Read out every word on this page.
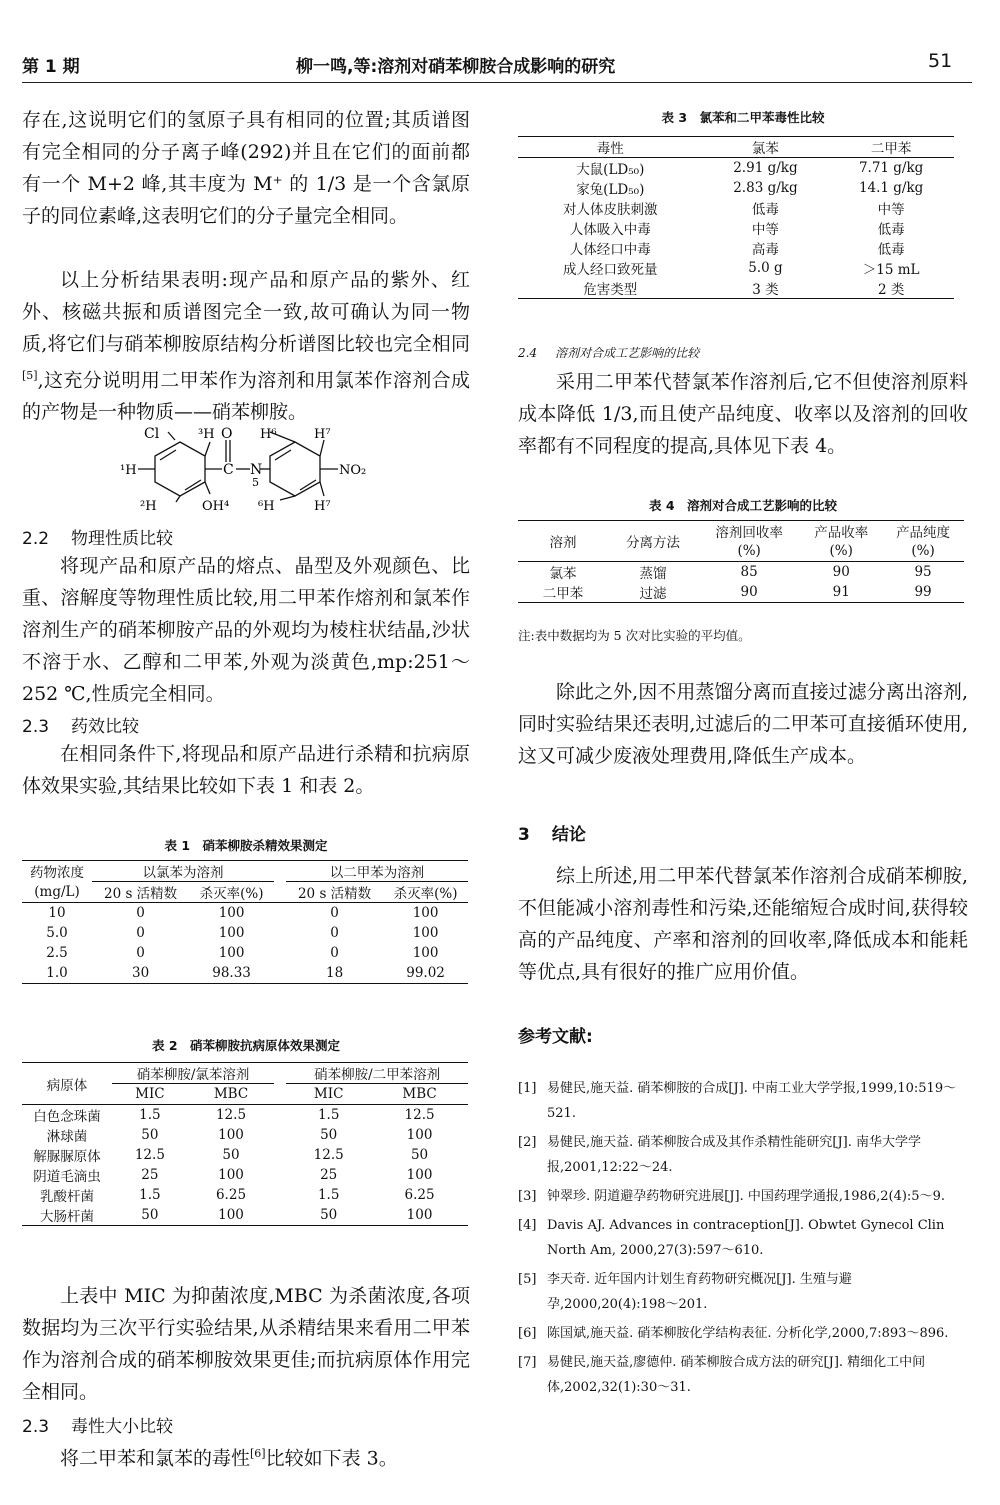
第 1 期	柳一鸣,等:溶剂对硝苯柳胺合成影响的研究	51
存在,这说明它们的氢原子具有相同的位置;其质谱图有完全相同的分子离子峰(292)并且在它们的面前都有一个 M+2 峰,其丰度为 M⁺ 的 1/3 是一个含氯原子的同位素峰,这表明它们的分子量完全相同。
以上分析结果表明:现产品和原产品的紫外、红外、核磁共振和质谱图完全一致,故可确认为同一物质,将它们与硝苯柳胺原结构分析谱图比较也完全相同[5],这充分说明用二甲苯作为溶剂和用氯苯作溶剂合成的产物是一种物质——硝苯柳胺。
Cl	³H O H⁶	H⁷
¹H	C N	NO₂
5
²H	OH⁴ ⁶H	H⁷
2.2 物理性质比较
将现产品和原产品的熔点、晶型及外观颜色、比重、溶解度等物理性质比较,用二甲苯作熔剂和氯苯作溶剂生产的硝苯柳胺产品的外观均为棱柱状结晶,沙状不溶于水、乙醇和二甲苯,外观为淡黄色,mp:251～252 ℃,性质完全相同。
2.3 药效比较
在相同条件下,将现品和原产品进行杀精和抗病原体效果实验,其结果比较如下表 1 和表 2。
表 1　硝苯柳胺杀精效果测定
药物浓度	以氯苯为溶剂			以二甲苯为溶剂	
(mg/L)	20 s 活精数	杀灭率(%)		20 s 活精数	杀灭率(%)
10	0	100		0	100
5.0	0	100		0	100
2.5	0	100		0	100
1.0	30	98.33		18	99.02
表 2　硝苯柳胺抗病原体效果测定
病原体	硝苯柳胺/氯苯溶剂			硝苯柳胺/二甲苯溶剂	
	MIC	MBC		MIC	MBC
白色念珠菌	1.5	12.5		1.5	12.5
淋球菌	50	100		50	100
解脲脲原体	12.5	50		12.5	50
阴道毛滴虫	25	100		25	100
乳酸杆菌	1.5	6.25		1.5	6.25
大肠杆菌	50	100		50	100
上表中 MIC 为抑菌浓度,MBC 为杀菌浓度,各项数据均为三次平行实验结果,从杀精结果来看用二甲苯作为溶剂合成的硝苯柳胺效果更佳;而抗病原体作用完全相同。
2.3 毒性大小比较
将二甲苯和氯苯的毒性[6]比较如下表 3。
表 3　氯苯和二甲苯毒性比较
毒性	氯苯	二甲苯
大鼠(LD₅₀)	2.91 g/kg	7.71 g/kg
家兔(LD₅₀)	2.83 g/kg	14.1 g/kg
对人体皮肤刺激	低毒	中等
人体吸入中毒	中等	低毒
人体经口中毒	高毒	低毒
成人经口致死量	5.0 g	＞15 mL
危害类型	3 类	2 类
2.4 溶剂对合成工艺影响的比较
采用二甲苯代替氯苯作溶剂后,它不但使溶剂原料成本降低 1/3,而且使产品纯度、收率以及溶剂的回收率都有不同程度的提高,具体见下表 4。
表 4　溶剂对合成工艺影响的比较
溶剂	分离方法	溶剂回收率	产品收率	产品纯度
		(%)	(%)	(%)
氯苯	蒸馏	85	90	95
二甲苯	过滤	90	91	99
注:表中数据均为 5 次对比实验的平均值。
除此之外,因不用蒸馏分离而直接过滤分离出溶剂,同时实验结果还表明,过滤后的二甲苯可直接循环使用,这又可减少废液处理费用,降低生产成本。
3 结论
综上所述,用二甲苯代替氯苯作溶剂合成硝苯柳胺,不但能减小溶剂毒性和污染,还能缩短合成时间,获得较高的产品纯度、产率和溶剂的回收率,降低成本和能耗等优点,具有很好的推广应用价值。
参考文献:
[1] 易健民,施天益. 硝苯柳胺的合成[J]. 中南工业大学学报,1999,10:519～521.
[2] 易健民,施天益. 硝苯柳胺合成及其作杀精性能研究[J]. 南华大学学报,2001,12:22～24.
[3] 钟翠珍. 阴道避孕药物研究进展[J]. 中国药理学通报,1986,2(4):5～9.
[4] Davis AJ. Advances in contraception[J]. Obwtet Gynecol Clin North Am, 2000,27(3):597～610.
[5] 李天奇. 近年国内计划生育药物研究概况[J]. 生殖与避孕,2000,20(4):198～201.
[6] 陈国斌,施天益. 硝苯柳胺化学结构表征. 分析化学,2000,7:893～896.
[7] 易健民,施天益,廖德仲. 硝苯柳胺合成方法的研究[J]. 精细化工中间体,2002,32(1):30～31.
